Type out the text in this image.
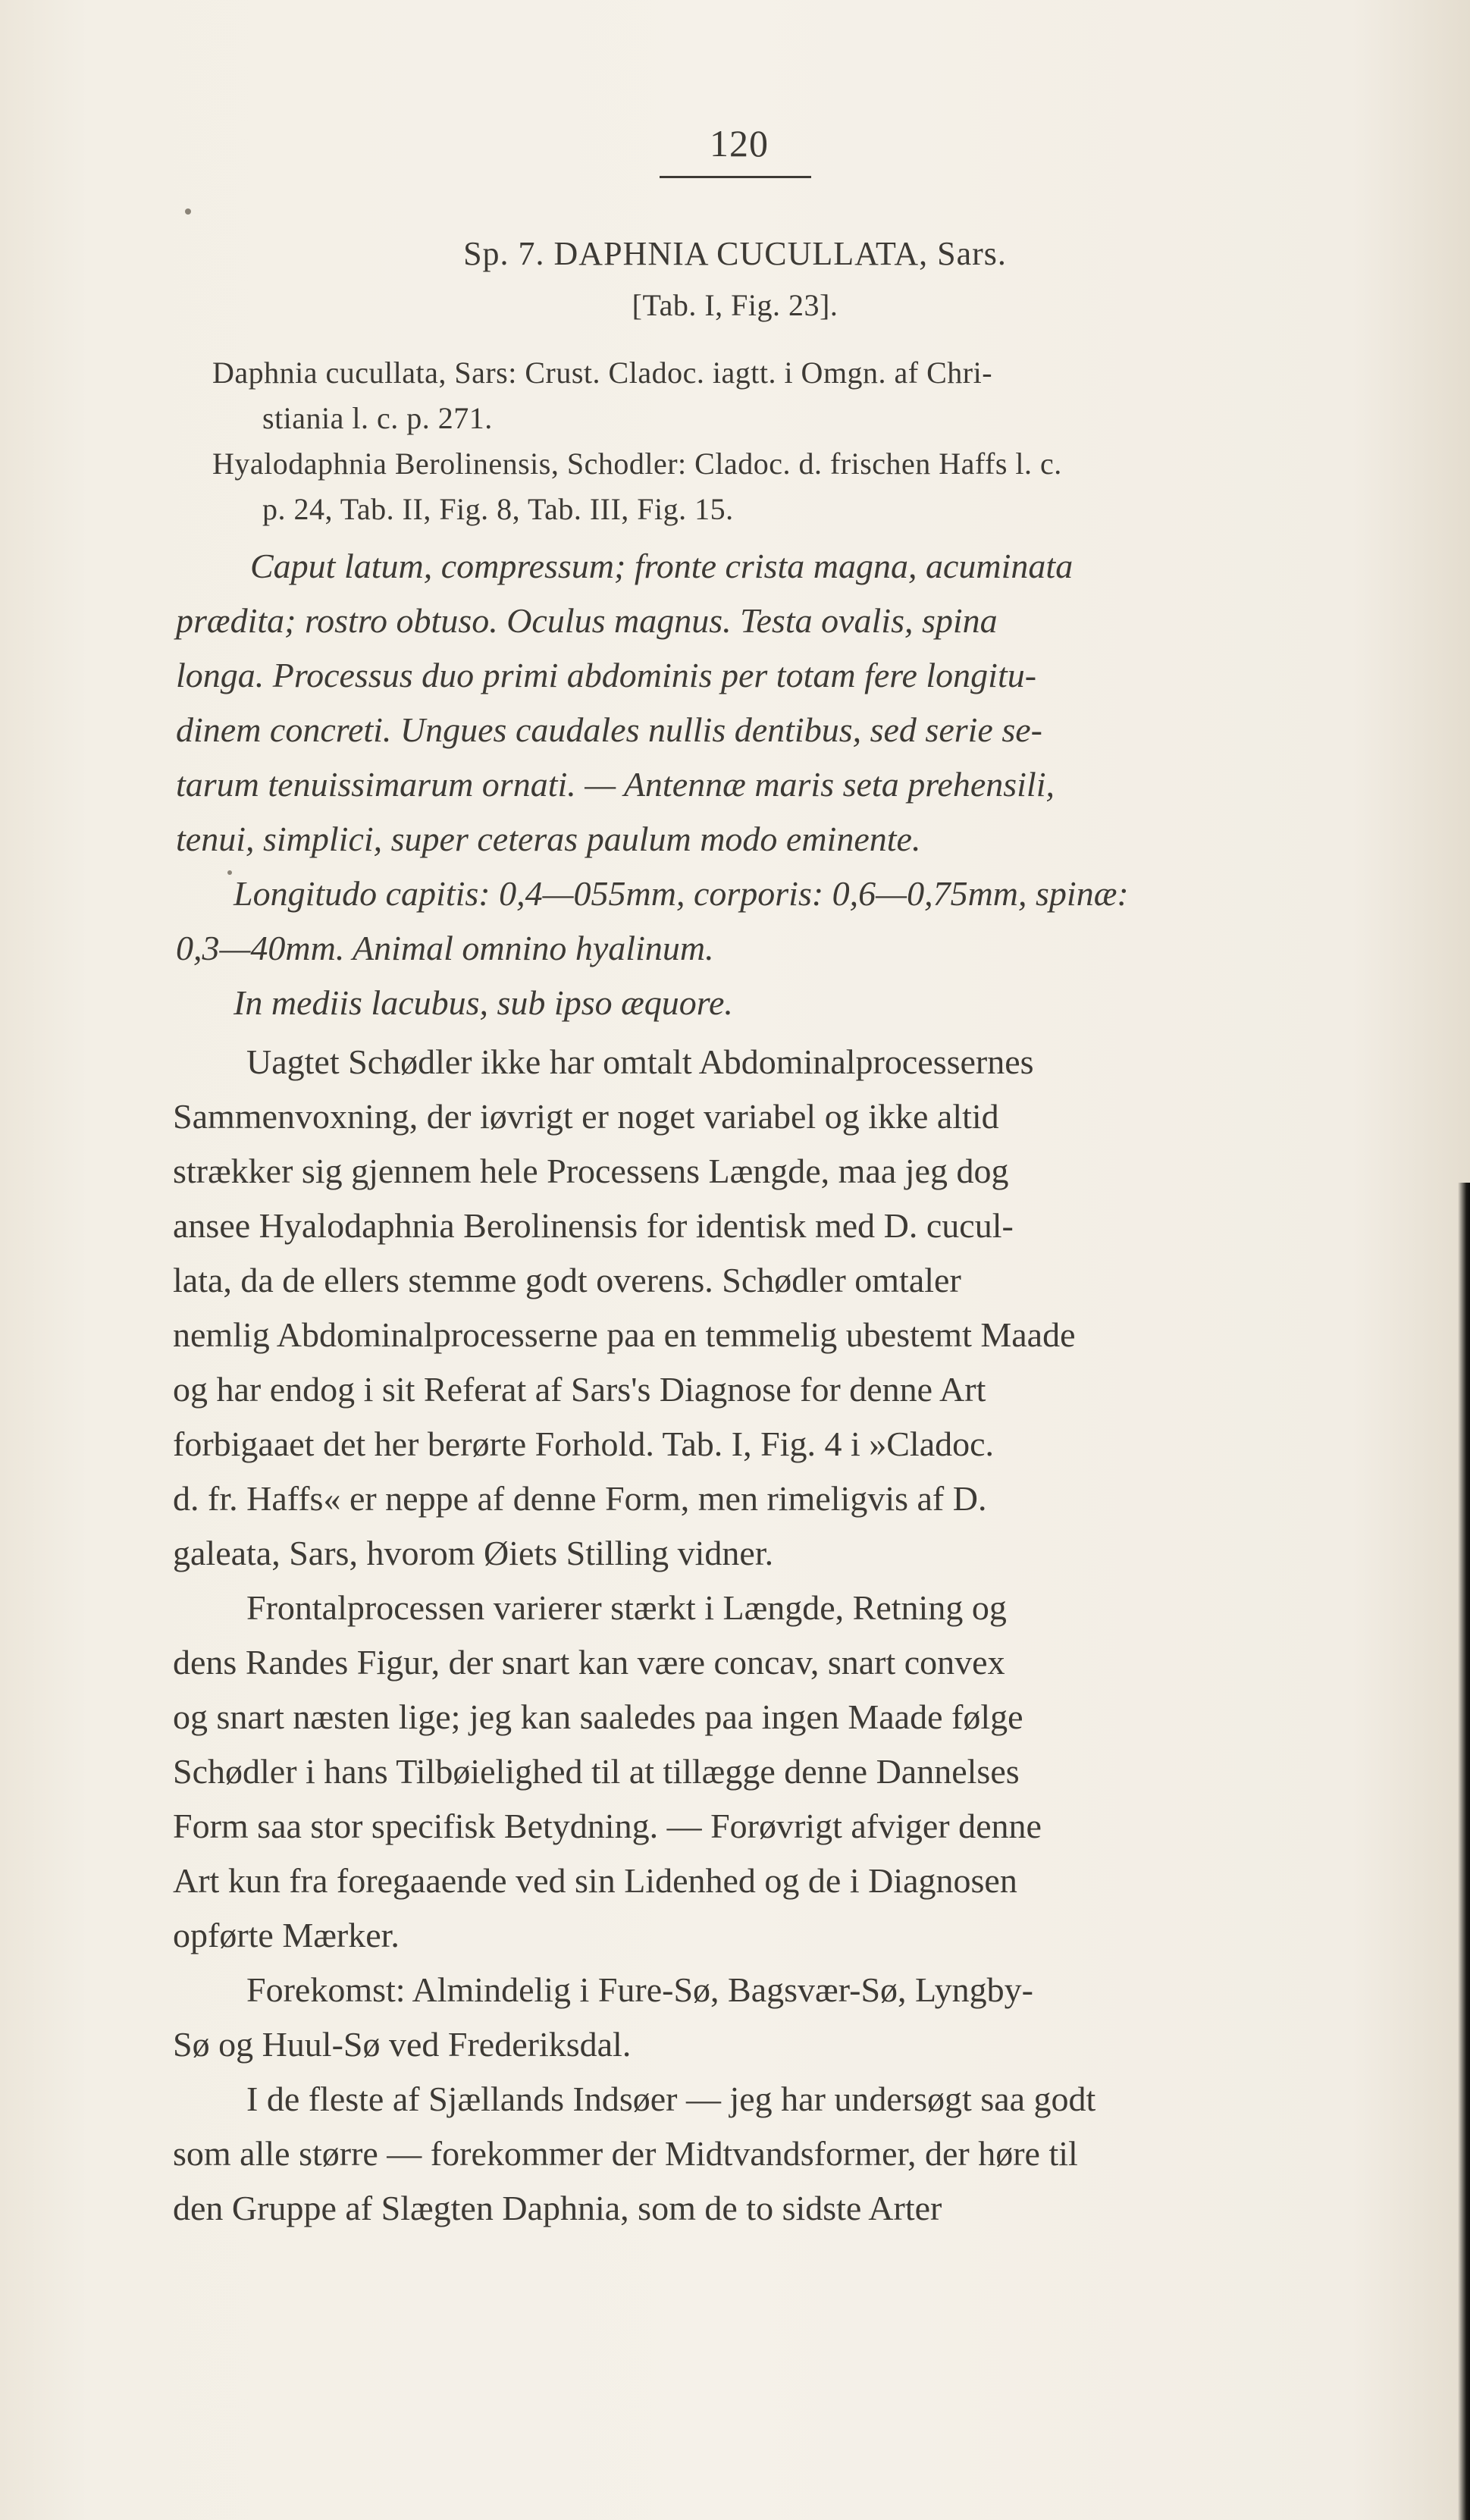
120
Sp. 7. DAPHNIA CUCULLATA, Sars.
[Tab. I, Fig. 23].
Daphnia cucullata, Sars: Crust. Cladoc. iagtt. i Omgn. af Chri-
stiania l. c. p. 271.
Hyalodaphnia Berolinensis, Schodler: Cladoc. d. frischen Haffs l. c.
p. 24, Tab. II, Fig. 8, Tab. III, Fig. 15.
Caput latum, compressum; fronte crista magna, acuminata
prædita; rostro obtuso. Oculus magnus. Testa ovalis, spina
longa. Processus duo primi abdominis per totam fere longitu-
dinem concreti. Ungues caudales nullis dentibus, sed serie se-
tarum tenuissimarum ornati. — Antennæ maris seta prehensili,
tenui, simplici, super ceteras paulum modo eminente.
Longitudo capitis: 0,4—055mm, corporis: 0,6—0,75mm, spinæ:
0,3—40mm. Animal omnino hyalinum.
In mediis lacubus, sub ipso æquore.
Uagtet Schødler ikke har omtalt Abdominalprocessernes
Sammenvoxning, der iøvrigt er noget variabel og ikke altid
strækker sig gjennem hele Processens Længde, maa jeg dog
ansee Hyalodaphnia Berolinensis for identisk med D. cucul-
lata, da de ellers stemme godt overens. Schødler omtaler
nemlig Abdominalprocesserne paa en temmelig ubestemt Maade
og har endog i sit Referat af Sars's Diagnose for denne Art
forbigaaet det her berørte Forhold. Tab. I, Fig. 4 i »Cladoc.
d. fr. Haffs« er neppe af denne Form, men rimeligvis af D.
galeata, Sars, hvorom Øiets Stilling vidner.
Frontalprocessen varierer stærkt i Længde, Retning og
dens Randes Figur, der snart kan være concav, snart convex
og snart næsten lige; jeg kan saaledes paa ingen Maade følge
Schødler i hans Tilbøielighed til at tillægge denne Dannelses
Form saa stor specifisk Betydning. — Forøvrigt afviger denne
Art kun fra foregaaende ved sin Lidenhed og de i Diagnosen
opførte Mærker.
Forekomst: Almindelig i Fure-Sø, Bagsvær-Sø, Lyngby-
Sø og Huul-Sø ved Frederiksdal.
I de fleste af Sjællands Indsøer — jeg har undersøgt saa godt
som alle større — forekommer der Midtvandsformer, der høre til
den Gruppe af Slægten Daphnia, som de to sidste Arter
